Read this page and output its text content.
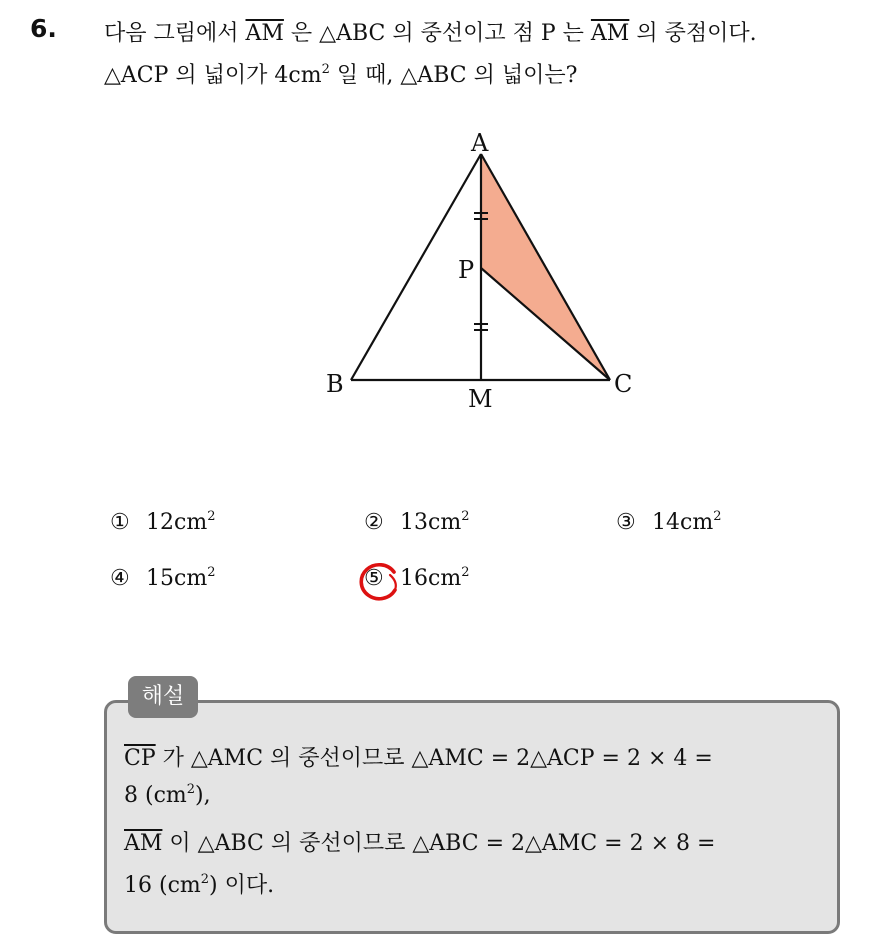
6. 다음 그림에서 $\overline{AM}$ 은 △ABC 의 중선이고 점 P 는 $\overline{AM}$ 의 중점이다.
△ACP 의 넓이가 $4cm^2$ 일 때, △ABC 의 넓이는?
A
P
B
M
C
① $12cm^2$	② $13cm^2$	③ $14cm^2$
④ $15cm^2$	⑤ $16cm^2$
해설
$\overline{CP}$ 가 △AMC 의 중선이므로 △AMC = 2△ACP = 2 × 4 =
8 $(cm^2)$,
$\overline{AM}$ 이 △ABC 의 중선이므로 △ABC = 2△AMC = 2 × 8 =
16 $(cm^2)$ 이다.
